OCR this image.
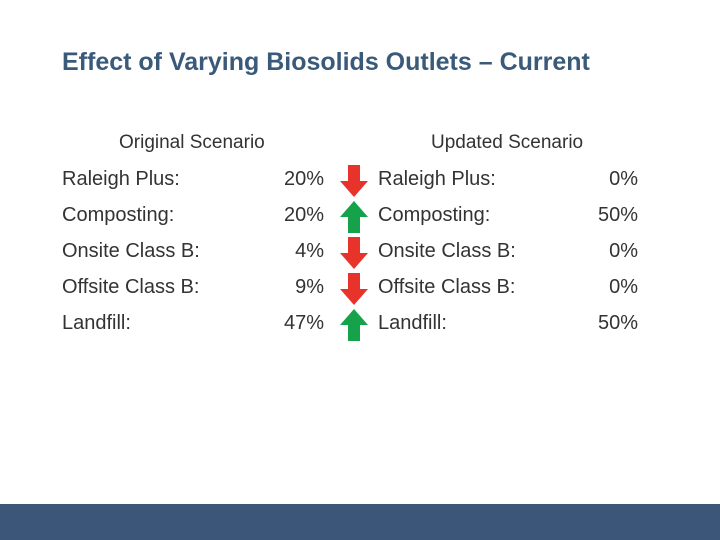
Effect of Varying Biosolids Outlets – Current
Original Scenario	Updated Scenario
Raleigh Plus:	20%	Raleigh Plus:	0%
Composting:	20%	Composting:	50%
Onsite Class B:	4%	Onsite Class B:	0%
Offsite Class B:	9%	Offsite Class B:	0%
Landfill:	47%	Landfill:	50%
